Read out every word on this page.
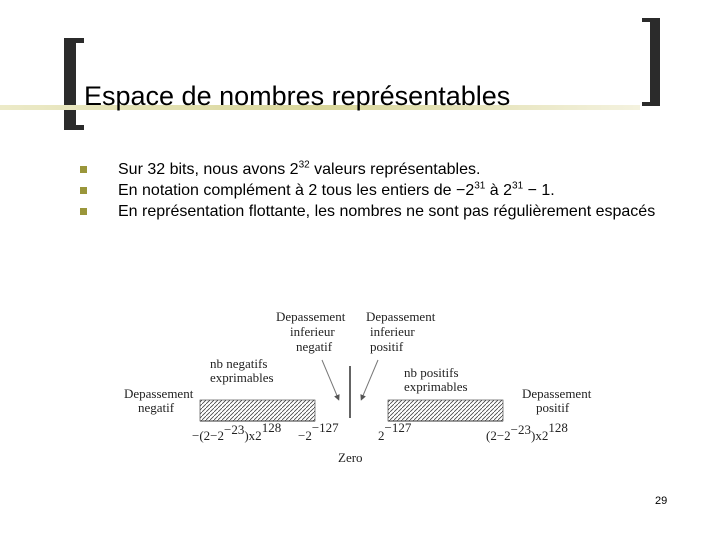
Espace de nombres représentables
Sur 32 bits, nous avons $2^{32}$ valeurs représentables.
En notation complément à 2 tous les entiers de $-2^{31}$ à $2^{31} - 1$.
En représentation flottante, les nombres ne sont pas régulièrement espacés
Depassement
inferieur
negatif
Depassement
inferieur
positif
nb negatifs
exprimables	nb positifs
exprimables
Depassement
negatif
Depassement
positif
−(2−2−23)x2128
−2−127
2−127
(2−2−23)x2128
Zero
29
